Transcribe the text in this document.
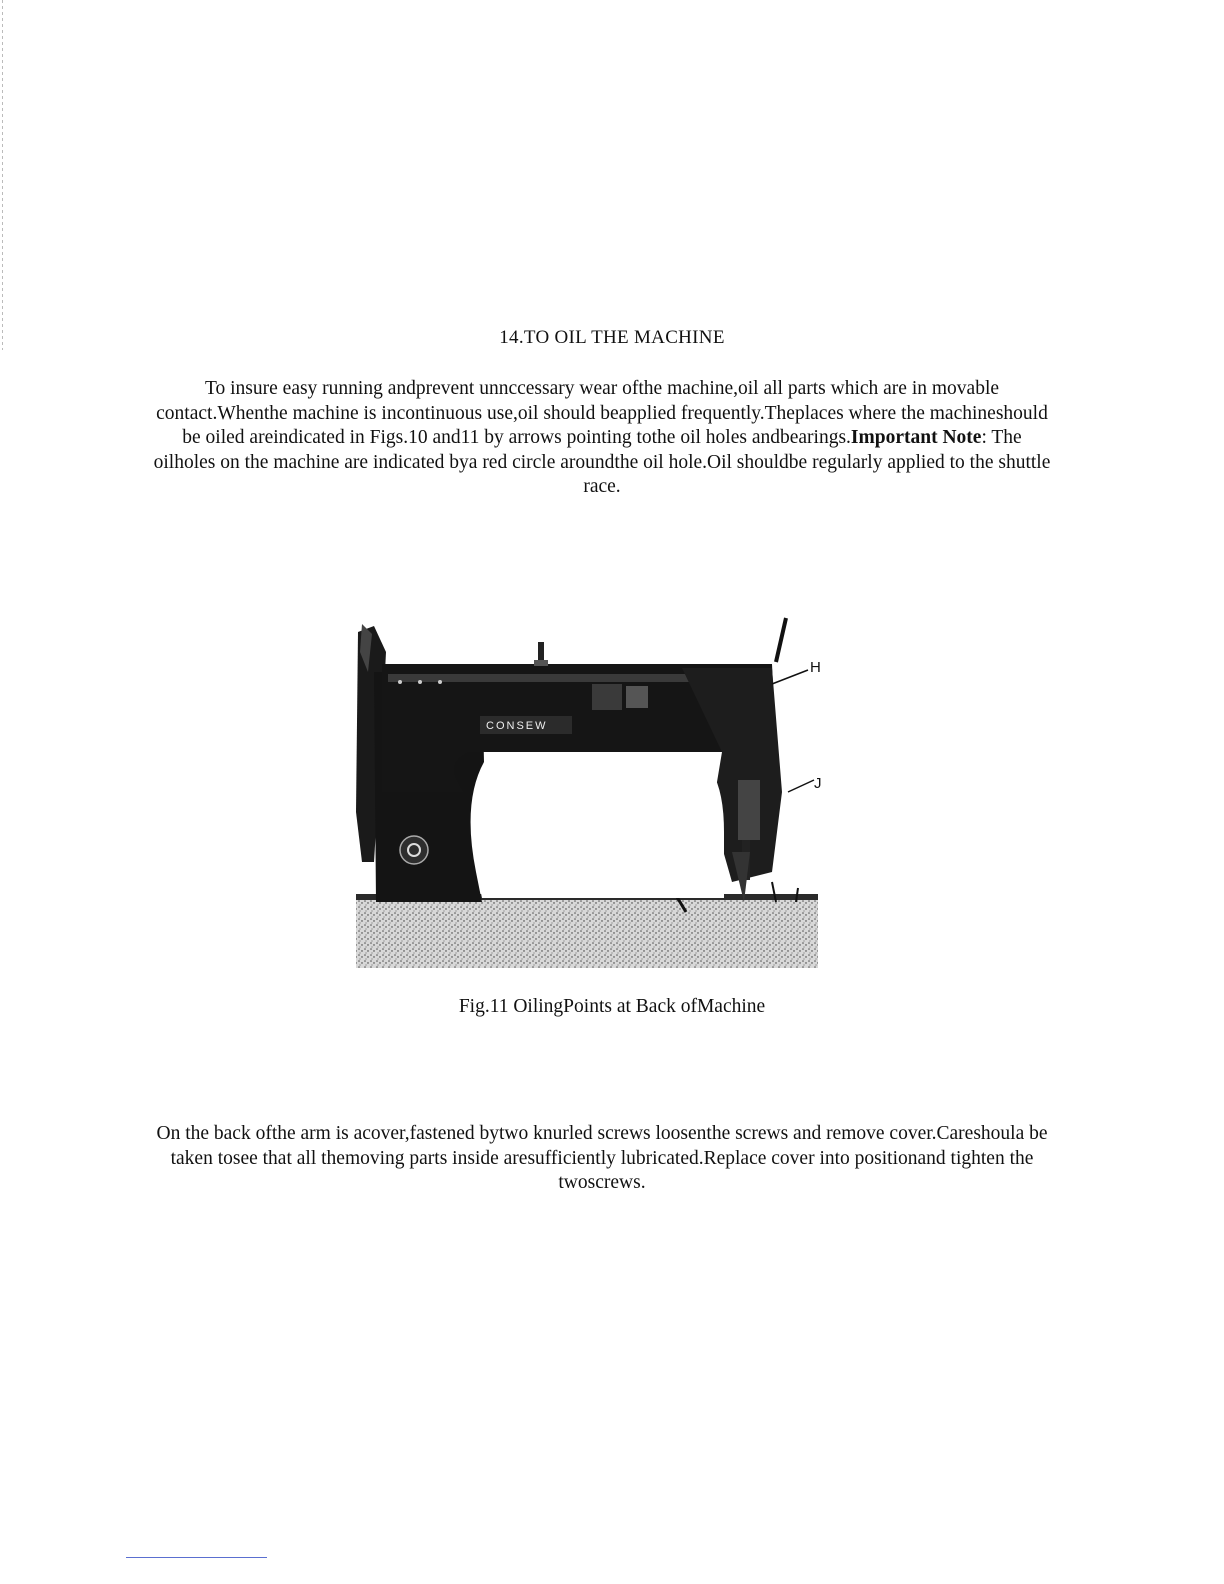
14.TO OIL THE MACHINE

To insure easy running andprevent unnccessary wear ofthe machine,oil all parts which are in movable contact.Whenthe machine is incontinuous use,oil should beapplied frequently.Theplaces where the machineshould be oiled areindicated in Figs.10 and11 by arrows pointing tothe oil holes andbearings.Important Note: The oilholes on the machine are indicated bya red circle aroundthe oil hole.Oil shouldbe regularly applied to the shuttle race.

CONSEW
H
J
Fig.11 OilingPoints at Back ofMachine

On the back ofthe arm is acover,fastened bytwo knurled screws loosenthe screws and remove cover.Careshoula be taken tosee that all themoving parts inside aresufficiently lubricated.Replace cover into positionand tighten the twoscrews.
